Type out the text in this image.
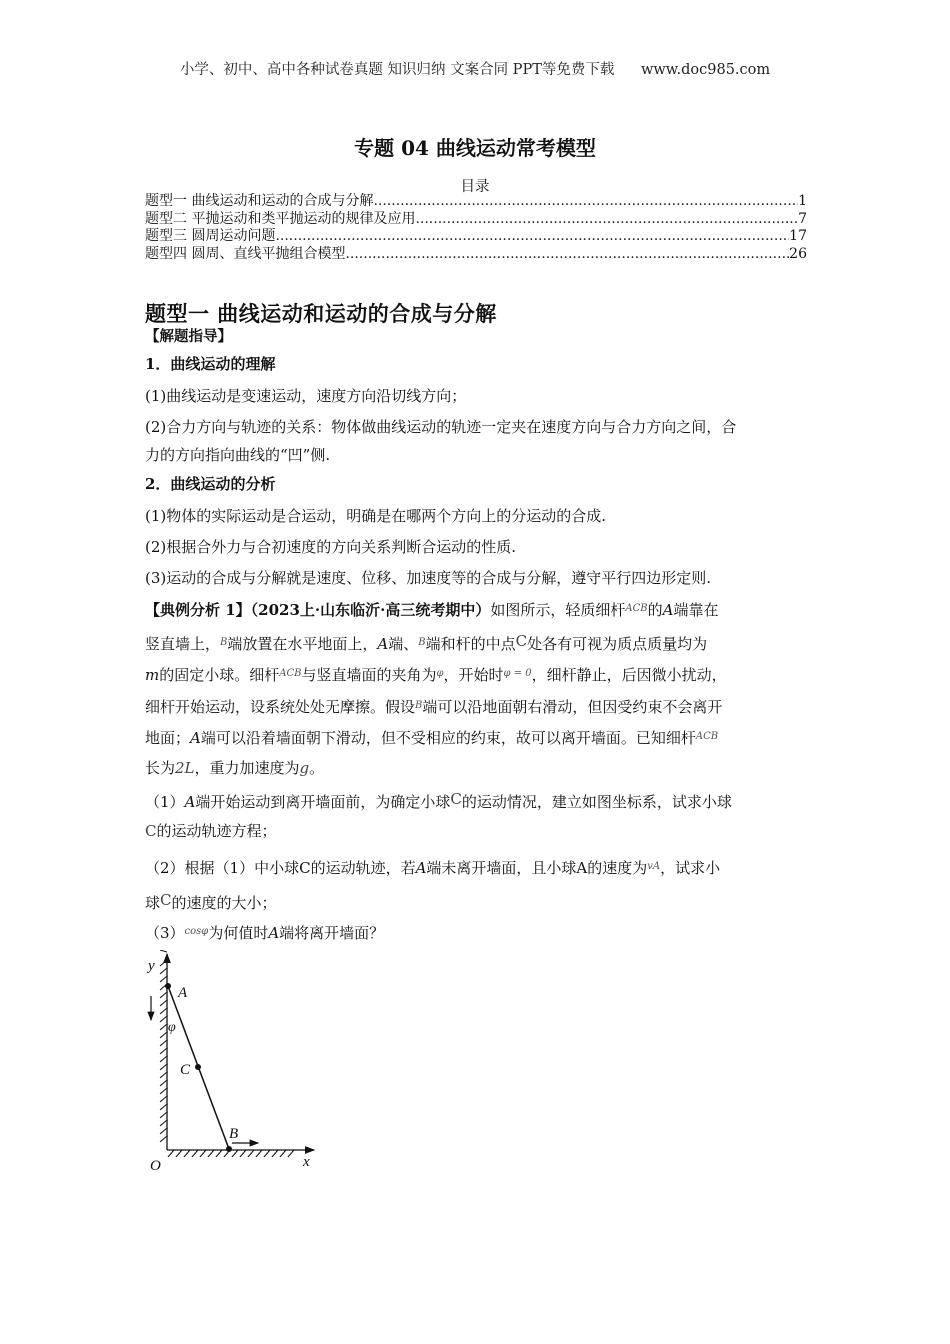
小学、初中、高中各种试卷真题 知识归纳 文案合同 PPT等免费下载 www.doc985.com
专题 04 曲线运动常考模型
目录
题型一 曲线运动和运动的合成与分解 .....	1
题型二 平抛运动和类平抛运动的规律及应用 .....	7
题型三 圆周运动问题 .....	17
题型四 圆周、直线平抛组合模型 .....	26
题型一 曲线运动和运动的合成与分解
【解题指导】
1．曲线运动的理解
(1)曲线运动是变速运动，速度方向沿切线方向；
(2)合力方向与轨迹的关系：物体做曲线运动的轨迹一定夹在速度方向与合力方向之间，合
力的方向指向曲线的“凹”侧.
2．曲线运动的分析
(1)物体的实际运动是合运动，明确是在哪两个方向上的分运动的合成.
(2)根据合外力与合初速度的方向关系判断合运动的性质.
(3)运动的合成与分解就是速度、位移、加速度等的合成与分解，遵守平行四边形定则.
【典例分析 1】（2023上·山东临沂·高三统考期中）如图所示，轻质细杆$^{ACB}$的A端靠在
竖直墙上，$^B$端放置在水平地面上，A端、$^B$端和杆的中点C处各有可视为质点质量均为
m的固定小球。细杆$^{ACB}$与竖直墙面的夹角为$^\varphi$，开始时$^{\varphi = 0}$，细杆静止，后因微小扰动，
细杆开始运动，设系统处处无摩擦。假设$^B$端可以沿地面朝右滑动，但因受约束不会离开
地面；A端可以沿着墙面朝下滑动，但不受相应的约束，故可以离开墙面。已知细杆$^{ACB}$
长为2L，重力加速度为g。
（1）A端开始运动到离开墙面前，为确定小球C的运动情况，建立如图坐标系，试求小球
C的运动轨迹方程；
（2）根据（1）中小球C的运动轨迹，若A端未离开墙面，且小球A的速度为$^{vA}$，试求小
球C的速度的大小；
$(3)^{cos\varphi}$为何值时A端将离开墙面？
y
A
φ
C
B
O	x
